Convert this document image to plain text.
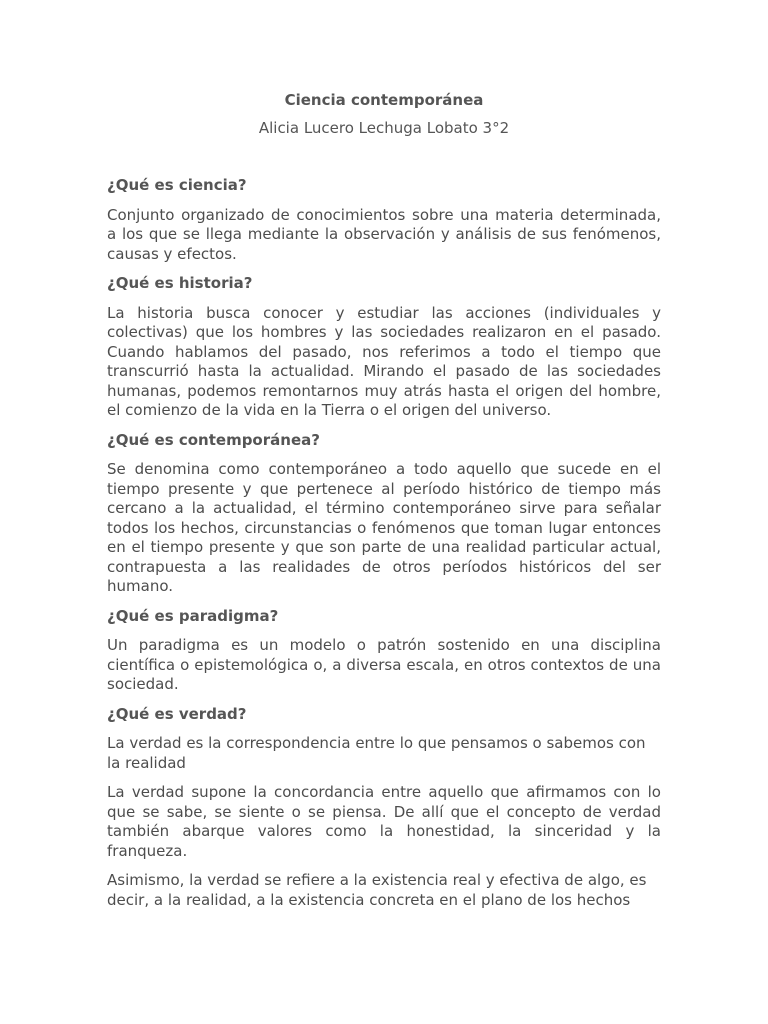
Ciencia contemporánea

Alicia Lucero Lechuga Lobato 3°2

¿Qué es ciencia?

Conjunto organizado de conocimientos sobre una materia determinada, a los que se llega mediante la observación y análisis de sus fenómenos, causas y efectos.

¿Qué es historia?

La historia busca conocer y estudiar las acciones (individuales y colectivas) que los hombres y las sociedades realizaron en el pasado. Cuando hablamos del pasado, nos referimos a todo el tiempo que transcurrió hasta la actualidad. Mirando el pasado de las sociedades humanas, podemos remontarnos muy atrás hasta el origen del hombre, el comienzo de la vida en la Tierra o el origen del universo.

¿Qué es contemporánea?

Se denomina como contemporáneo a todo aquello que sucede en el tiempo presente y que pertenece al período histórico de tiempo más cercano a la actualidad, el término contemporáneo sirve para señalar todos los hechos, circunstancias o fenómenos que toman lugar entonces en el tiempo presente y que son parte de una realidad particular actual, contrapuesta a las realidades de otros períodos históricos del ser humano.

¿Qué es paradigma?

Un paradigma es un modelo o patrón sostenido en una disciplina científica o epistemológica o, a diversa escala, en otros contextos de una sociedad.

¿Qué es verdad?

La verdad es la correspondencia entre lo que pensamos o sabemos con la realidad

La verdad supone la concordancia entre aquello que afirmamos con lo que se sabe, se siente o se piensa. De allí que el concepto de verdad también abarque valores como la honestidad, la sinceridad y la franqueza.

Asimismo, la verdad se refiere a la existencia real y efectiva de algo, es decir, a la realidad, a la existencia concreta en el plano de los hechos
